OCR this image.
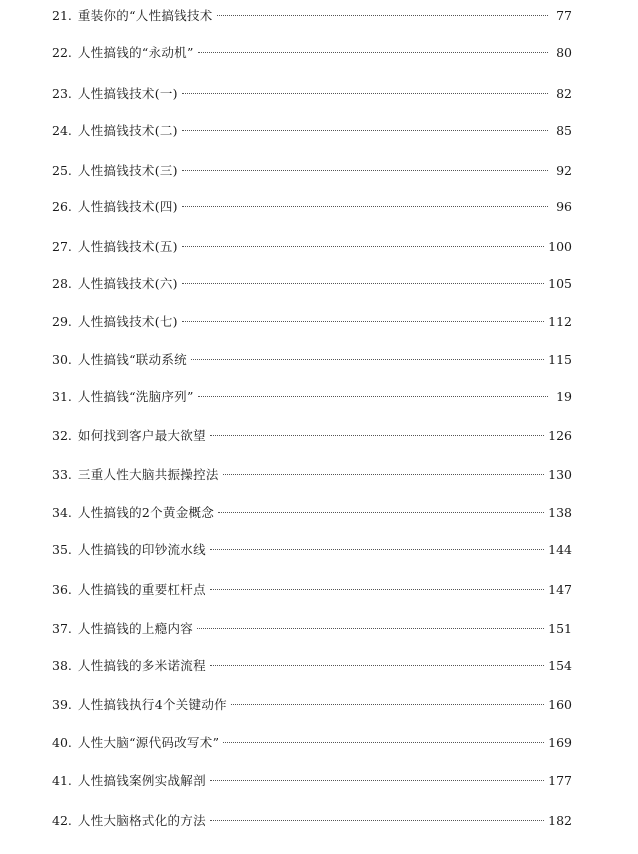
21. 重装你的“人性搞钱技术	77
22. 人性搞钱的“永动机”	80
23. 人性搞钱技术(一)	82
24. 人性搞钱技术(二)	85
25. 人性搞钱技术(三)	92
26. 人性搞钱技术(四)	96
27. 人性搞钱技术(五)	100
28. 人性搞钱技术(六)	105
29. 人性搞钱技术(七)	112
30. 人性搞钱“联动系统	115
31. 人性搞钱“洗脑序列”	19
32. 如何找到客户最大欲望	126
33. 三重人性大脑共振操控法	130
34. 人性搞钱的2个黄金概念	138
35. 人性搞钱的印钞流水线	144
36. 人性搞钱的重要杠杆点	147
37. 人性搞钱的上瘾内容	151
38. 人性搞钱的多米诺流程	154
39. 人性搞钱执行4个关键动作	160
40. 人性大脑“源代码改写术”	169
41. 人性搞钱案例实战解剖	177
42. 人性大脑格式化的方法	182
